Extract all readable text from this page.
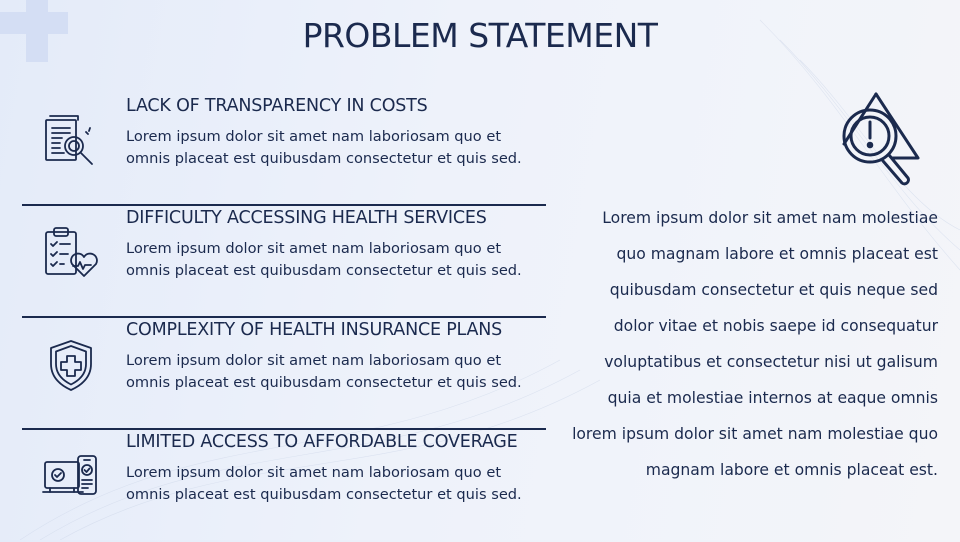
PROBLEM STATEMENT
LACK OF TRANSPARENCY IN COSTS
Lorem ipsum dolor sit amet nam laboriosam quo et omnis placeat est quibusdam consectetur et quis sed.
DIFFICULTY ACCESSING HEALTH SERVICES
Lorem ipsum dolor sit amet nam laboriosam quo et omnis placeat est quibusdam consectetur et quis sed.
COMPLEXITY OF HEALTH INSURANCE PLANS
Lorem ipsum dolor sit amet nam laboriosam quo et omnis placeat est quibusdam consectetur et quis sed.
LIMITED ACCESS TO AFFORDABLE COVERAGE
Lorem ipsum dolor sit amet nam laboriosam quo et omnis placeat est quibusdam consectetur et quis sed.
Lorem ipsum dolor sit amet nam molestiae quo magnam labore et omnis placeat est quibusdam consectetur et quis neque sed dolor vitae et nobis saepe id consequatur voluptatibus et consectetur nisi ut galisum quia et molestiae internos at eaque omnis lorem ipsum dolor sit amet nam molestiae quo magnam labore et omnis placeat est.
